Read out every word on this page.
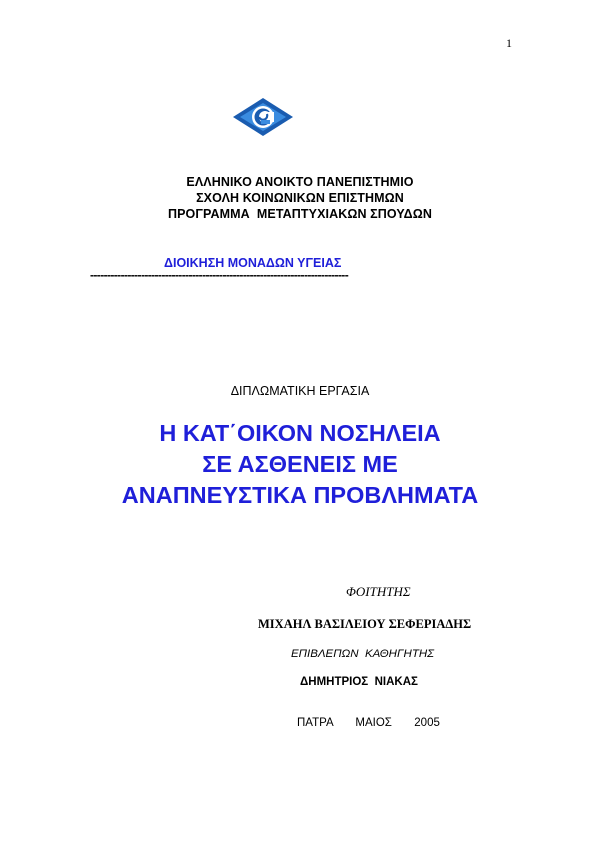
1
ΕΛΛΗΝΙΚΟ ΑΝΟΙΚΤΟ ΠΑΝΕΠΙΣΤΗΜΙΟ
ΣΧΟΛΗ ΚΟΙΝΩΝΙΚΩΝ ΕΠΙΣΤΗΜΩΝ
ΠΡΟΓΡΑΜΜΑ  ΜΕΤΑΠΤΥΧΙΑΚΩΝ ΣΠΟΥΔΩΝ
ΔΙΟΙΚΗΣΗ ΜΟΝΑΔΩΝ ΥΓΕΙΑΣ
----------------------------------------------------------------------------
ΔΙΠΛΩΜΑΤΙΚΗ ΕΡΓΑΣΙΑ
Η ΚΑΤ΄ΟΙΚΟΝ ΝΟΣΗΛΕΙΑ
ΣΕ ΑΣΘΕΝΕΙΣ ΜΕ
ΑΝΑΠΝΕΥΣΤΙΚΑ ΠΡΟΒΛΗΜΑΤΑ
ΦΟΙΤΗΤΗΣ
ΜΙΧΑΗΛ ΒΑΣΙΛΕΙΟΥ ΣΕΦΕΡΙΑΔΗΣ
ΕΠΙΒΛΕΠΩΝ  ΚΑΘΗΓΗΤΗΣ
ΔΗΜΗΤΡΙΟΣ  ΝΙΑΚΑΣ
ΠΑΤΡΑ  ΜΑΙΟΣ  2005
